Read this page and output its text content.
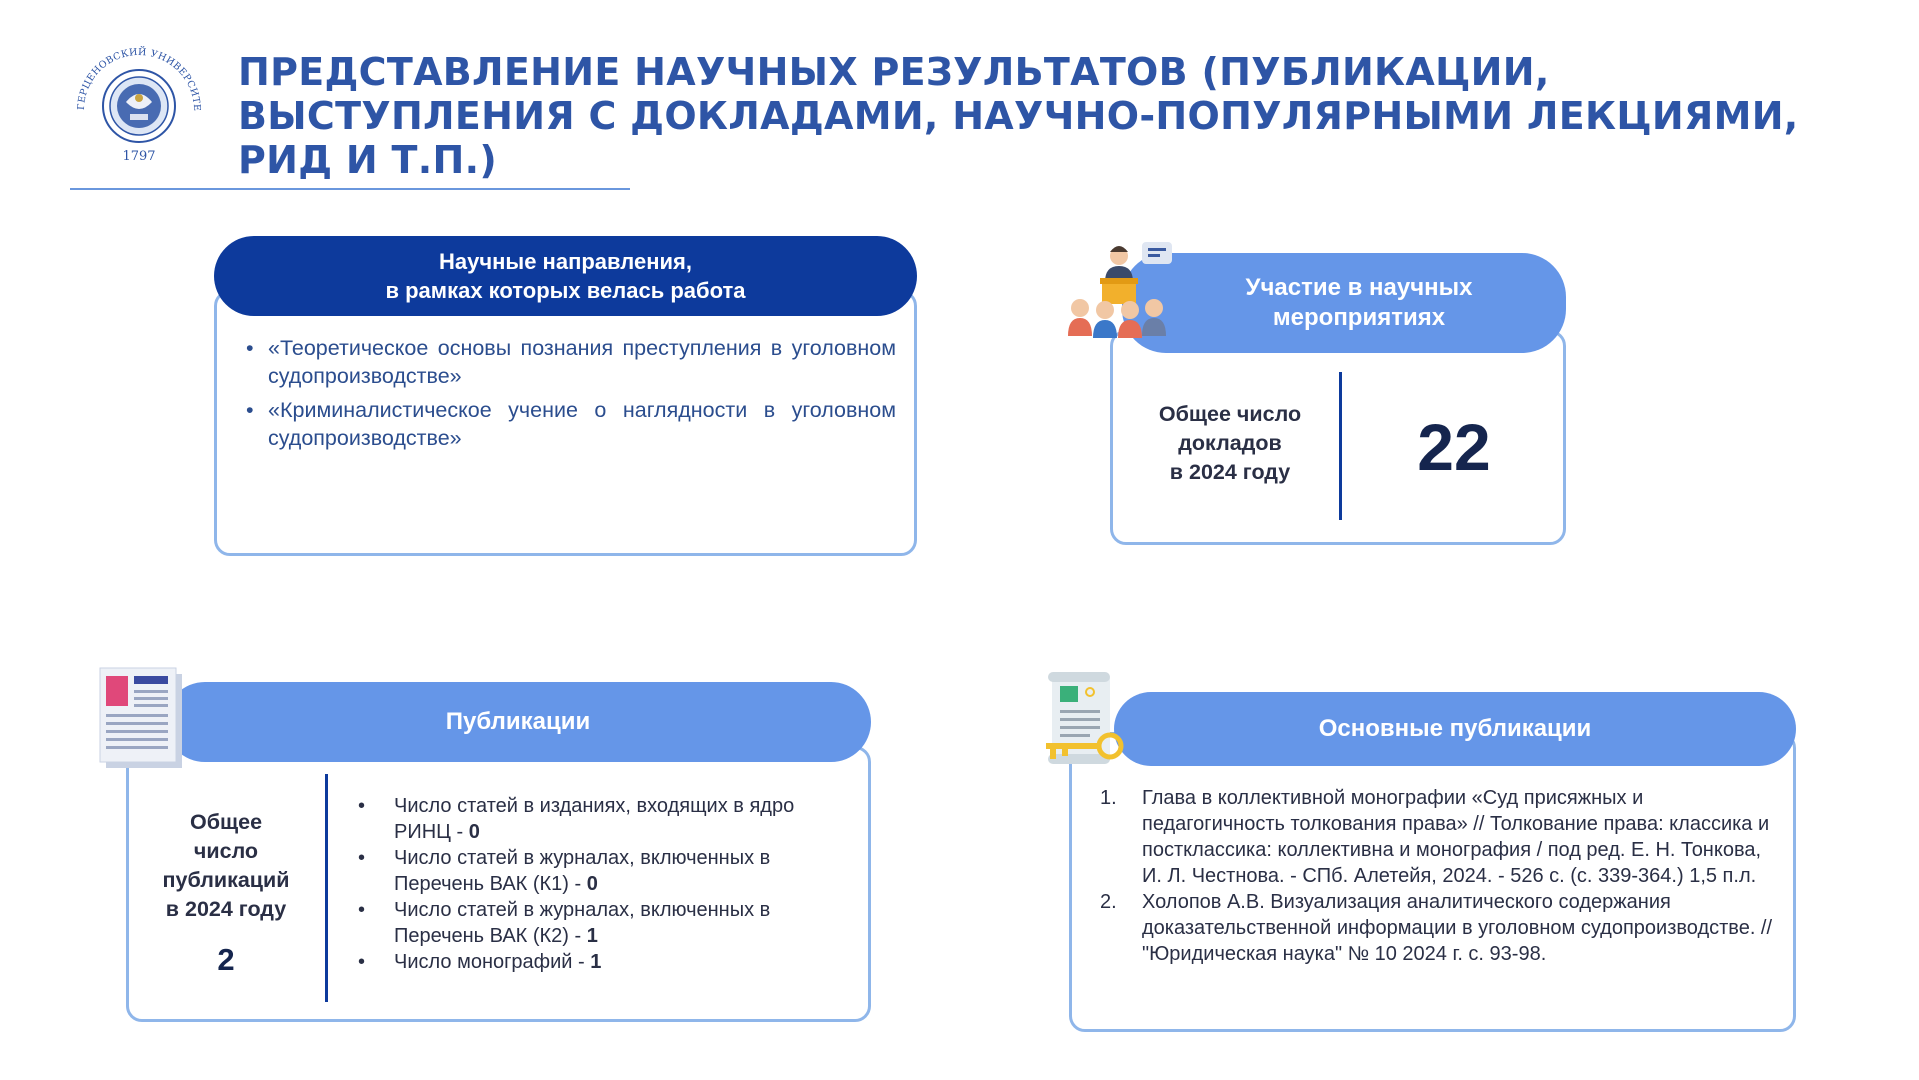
ГЕРЦЕНОВСКИЙ УНИВЕРСИТЕ
1797
ПРЕДСТАВЛЕНИЕ НАУЧНЫХ РЕЗУЛЬТАТОВ (ПУБЛИКАЦИИ, ВЫСТУПЛЕНИЯ С ДОКЛАДАМИ, НАУЧНО-ПОПУЛЯРНЫМИ ЛЕКЦИЯМИ, РИД И Т.П.)
Научные направления,
в рамках которых велась работа
• «Теоретическое основы познания преступления в уголовном судопроизводстве»
• «Криминалистическое учение о наглядности в уголовном судопроизводстве»
Участие в научных
мероприятиях
Общее число
докладов
в 2024 году	22
Публикации
Общее
число
публикаций
в 2024 году
2
• Число статей в изданиях, входящих в ядро РИНЦ - 0
• Число статей в журналах, включенных в Перечень ВАК (К1) - 0
• Число статей в журналах, включенных в Перечень ВАК (К2) - 1
• Число монографий - 1
Основные публикации
1. Глава в коллективной монографии «Суд присяжных и педагогичность толкования права» // Толкование права: классика и постклассика: коллективна и монография / под ред. Е. Н. Тонкова, И. Л. Честнова. - СПб. Алетейя, 2024. - 526 с. (с. 339-364.) 1,5 п.л.
2. Холопов А.В. Визуализация аналитического содержания доказательственной информации в уголовном судопроизводстве. // "Юридическая наука" № 10 2024 г. с. 93-98.
